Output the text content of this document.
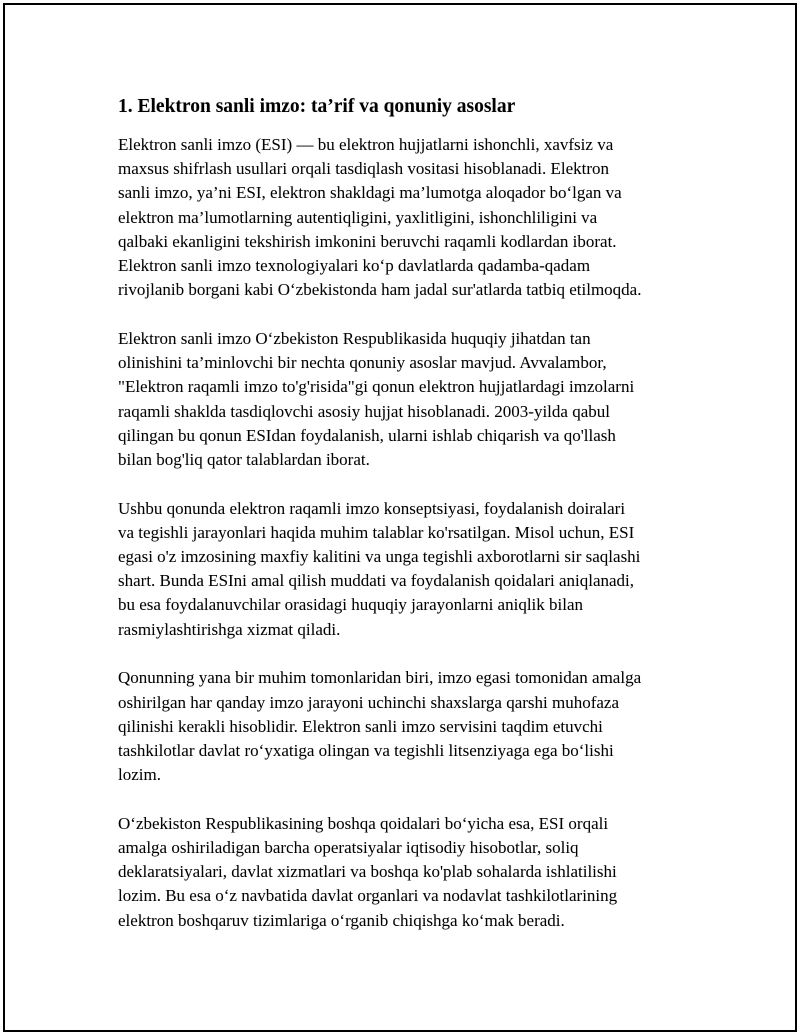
1. Elektron sanli imzo: ta’rif va qonuniy asoslar

Elektron sanli imzo (ESI) — bu elektron hujjatlarni ishonchli, xavfsiz va
maxsus shifrlash usullari orqali tasdiqlash vositasi hisoblanadi. Elektron
sanli imzo, ya’ni ESI, elektron shakldagi ma’lumotga aloqador bo‘lgan va
elektron ma’lumotlarning autentiqligini, yaxlitligini, ishonchliligini va
qalbaki ekanligini tekshirish imkonini beruvchi raqamli kodlardan iborat.
Elektron sanli imzo texnologiyalari ko‘p davlatlarda qadamba-qadam
rivojlanib borgani kabi O‘zbekistonda ham jadal sur'atlarda tatbiq etilmoqda.

Elektron sanli imzo O‘zbekiston Respublikasida huquqiy jihatdan tan
olinishini ta’minlovchi bir nechta qonuniy asoslar mavjud. Avvalambor,
"Elektron raqamli imzo to'g'risida"gi qonun elektron hujjatlardagi imzolarni
raqamli shaklda tasdiqlovchi asosiy hujjat hisoblanadi. 2003-yilda qabul
qilingan bu qonun ESIdan foydalanish, ularni ishlab chiqarish va qo'llash
bilan bog'liq qator talablardan iborat.

Ushbu qonunda elektron raqamli imzo konseptsiyasi, foydalanish doiralari
va tegishli jarayonlari haqida muhim talablar ko'rsatilgan. Misol uchun, ESI
egasi o'z imzosining maxfiy kalitini va unga tegishli axborotlarni sir saqlashi
shart. Bunda ESIni amal qilish muddati va foydalanish qoidalari aniqlanadi,
bu esa foydalanuvchilar orasidagi huquqiy jarayonlarni aniqlik bilan
rasmiylashtirishga xizmat qiladi.

Qonunning yana bir muhim tomonlaridan biri, imzo egasi tomonidan amalga
oshirilgan har qanday imzo jarayoni uchinchi shaxslarga qarshi muhofaza
qilinishi kerakli hisoblidir. Elektron sanli imzo servisini taqdim etuvchi
tashkilotlar davlat ro‘yxatiga olingan va tegishli litsenziyaga ega bo‘lishi
lozim.

O‘zbekiston Respublikasining boshqa qoidalari bo‘yicha esa, ESI orqali
amalga oshiriladigan barcha operatsiyalar iqtisodiy hisobotlar, soliq
deklaratsiyalari, davlat xizmatlari va boshqa ko'plab sohalarda ishlatilishi
lozim. Bu esa o‘z navbatida davlat organlari va nodavlat tashkilotlarining
elektron boshqaruv tizimlariga o‘rganib chiqishga ko‘mak beradi.
